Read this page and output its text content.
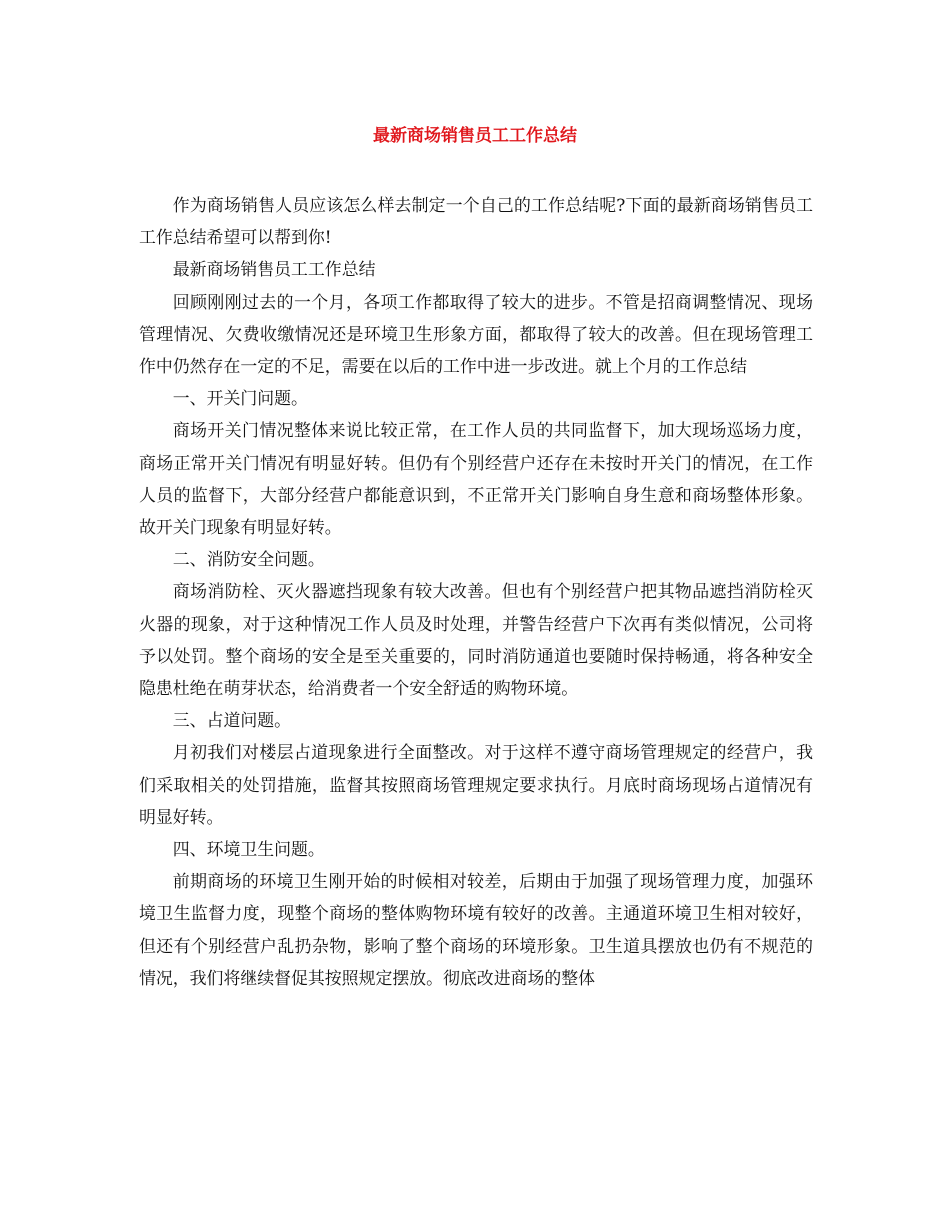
最新商场销售员工工作总结

作为商场销售人员应该怎么样去制定一个自己的工作总结呢?下面的最新商场销售员工工作总结希望可以帮到你!

最新商场销售员工工作总结

回顾刚刚过去的一个月，各项工作都取得了较大的进步。不管是招商调整情况、现场管理情况、欠费收缴情况还是环境卫生形象方面，都取得了较大的改善。但在现场管理工作中仍然存在一定的不足，需要在以后的工作中进一步改进。就上个月的工作总结

一、开关门问题。

商场开关门情况整体来说比较正常，在工作人员的共同监督下，加大现场巡场力度，商场正常开关门情况有明显好转。但仍有个别经营户还存在未按时开关门的情况，在工作人员的监督下，大部分经营户都能意识到，不正常开关门影响自身生意和商场整体形象。故开关门现象有明显好转。

二、消防安全问题。

商场消防栓、灭火器遮挡现象有较大改善。但也有个别经营户把其物品遮挡消防栓灭火器的现象，对于这种情况工作人员及时处理，并警告经营户下次再有类似情况，公司将予以处罚。整个商场的安全是至关重要的，同时消防通道也要随时保持畅通，将各种安全隐患杜绝在萌芽状态，给消费者一个安全舒适的购物环境。

三、占道问题。

月初我们对楼层占道现象进行全面整改。对于这样不遵守商场管理规定的经营户，我们采取相关的处罚措施，监督其按照商场管理规定要求执行。月底时商场现场占道情况有明显好转。

四、环境卫生问题。

前期商场的环境卫生刚开始的时候相对较差，后期由于加强了现场管理力度，加强环境卫生监督力度，现整个商场的整体购物环境有较好的改善。主通道环境卫生相对较好，但还有个别经营户乱扔杂物，影响了整个商场的环境形象。卫生道具摆放也仍有不规范的情况，我们将继续督促其按照规定摆放。彻底改进商场的整体
